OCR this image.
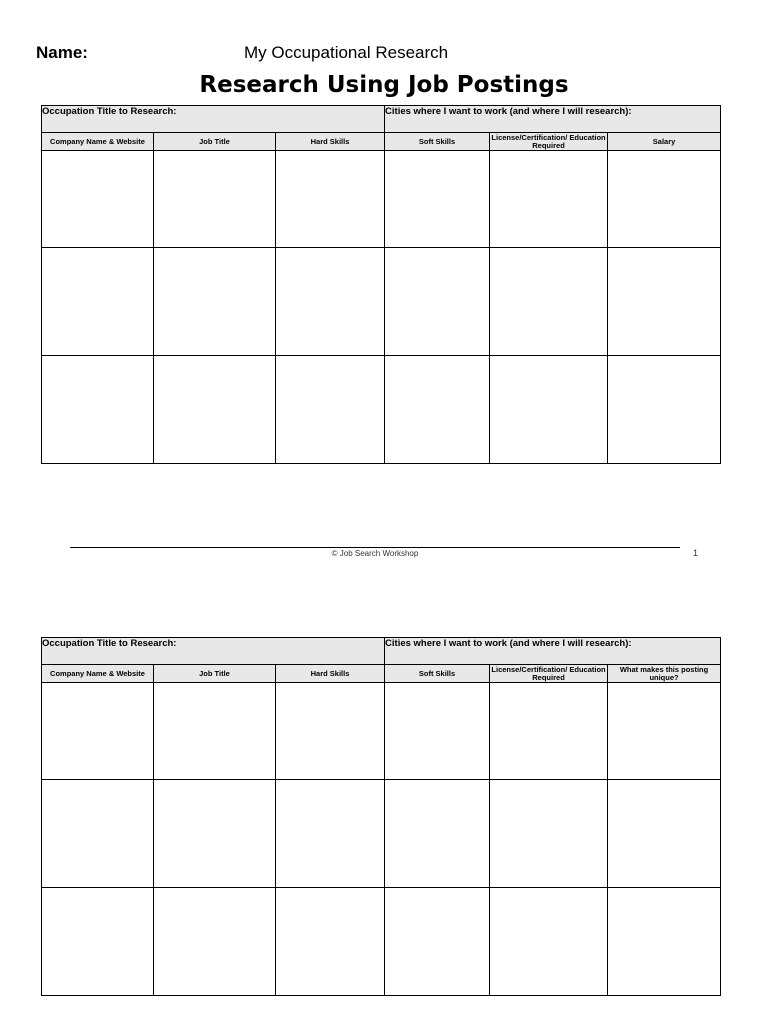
Name:	My Occupational Research
Research Using Job Postings
Occupation Title to Research:			Cities where I want to work (and where I will research):		
Company Name & Website	Job Title	Hard Skills	Soft Skills	License/Certification/ Education Required	Salary

© Job Search Workshop	1
Occupation Title to Research:			Cities where I want to work (and where I will research):		
Company Name & Website	Job Title	Hard Skills	Soft Skills	License/Certification/ Education Required	What makes this posting unique?
